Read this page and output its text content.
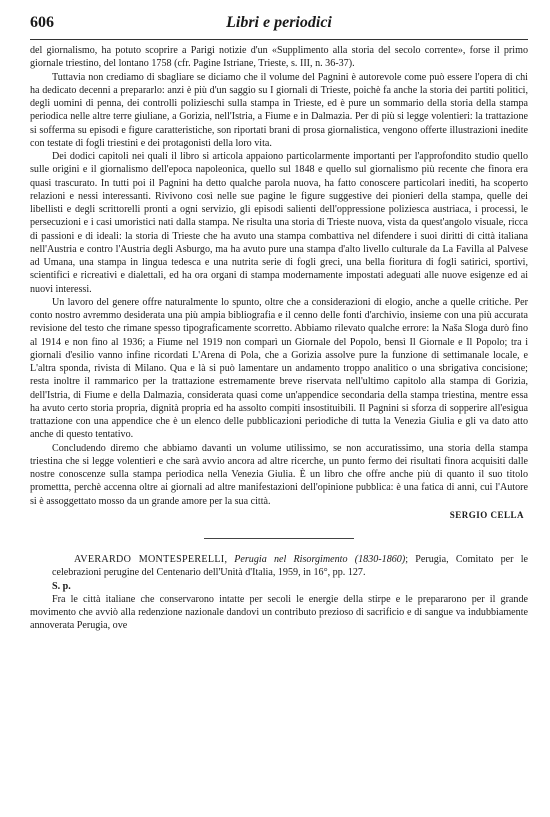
606	Libri e periodici

del giornalismo, ha potuto scoprire a Parigi notizie d'un «Supplimento alla storia del secolo corrente», forse il primo giornale triestino, del lontano 1758 (cfr. Pagine Istriane, Trieste, s. III, n. 36-37).

Tuttavia non crediamo di sbagliare se diciamo che il volume del Pagnini è autorevole come può essere l'opera di chi ha dedicato decenni a prepararlo: anzi è più d'un saggio su I giornali di Trieste, poichè fa anche la storia dei partiti politici, degli uomini di penna, dei controlli polizieschi sulla stampa in Trieste, ed è pure un sommario della storia della stampa periodica nelle altre terre giuliane, a Gorizia, nell'Istria, a Fiume e in Dalmazia. Per di più si legge volentieri: la trattazione si sofferma su episodi e figure caratteristiche, son riportati brani di prosa giornalistica, vengono offerte illustrazioni inedite con testate di fogli triestini e dei protagonisti della loro vita.

Dei dodici capitoli nei quali il libro si articola appaiono particolarmente importanti per l'approfondito studio quello sulle origini e il giornalismo dell'epoca napoleonica, quello sul 1848 e quello sul giornalismo più recente che finora era quasi trascurato. In tutti poi il Pagnini ha detto qualche parola nuova, ha fatto conoscere particolari inediti, ha scoperto relazioni e nessi interessanti. Rivivono così nelle sue pagine le figure suggestive dei pionieri della stampa, quelle dei libellisti e degli scrittorelli pronti a ogni servizio, gli episodi salienti dell'oppressione poliziesca austriaca, i processi, le persecuzioni e i casi umoristici nati dalla stampa. Ne risulta una storia di Trieste nuova, vista da quest'angolo visuale, ricca di passioni e di ideali: la storia di Trieste che ha avuto una stampa combattiva nel difendere i suoi diritti di città italiana nell'Austria e contro l'Austria degli Asburgo, ma ha avuto pure una stampa d'alto livello culturale da La Favilla al Palvese ad Umana, una stampa in lingua tedesca e una nutrita serie di fogli greci, una bella fioritura di fogli satirici, sportivi, scientifici e ricreativi e dialettali, ed ha ora organi di stampa modernamente impostati adeguati alle nuove esigenze ed ai nuovi interessi.

Un lavoro del genere offre naturalmente lo spunto, oltre che a considerazioni di elogio, anche a quelle critiche. Per conto nostro avremmo desiderata una più ampia bibliografia e il cenno delle fonti d'archivio, insieme con una più accurata revisione del testo che rimane spesso tipograficamente scorretto. Abbiamo rilevato qualche errore: la Naša Sloga durò fino al 1914 e non fino al 1936; a Fiume nel 1919 non comparì un Giornale del Popolo, bensì Il Giornale e Il Popolo; tra i giornali d'esilio vanno infine ricordati L'Arena di Pola, che a Gorizia assolve pure la funzione di settimanale locale, e L'altra sponda, rivista di Milano. Qua e là si può lamentare un andamento troppo analitico o una sbrigativa concisione; resta inoltre il rammarico per la trattazione estremamente breve riservata nell'ultimo capitolo alla stampa di Gorizia, dell'Istria, di Fiume e della Dalmazia, considerata quasi come un'appendice secondaria della stampa triestina, mentre essa ha avuto certo storia propria, dignità propria ed ha assolto compiti insostituibili. Il Pagnini si sforza di sopperire all'esigua trattazione con una appendice che è un elenco delle pubblicazioni periodiche di tutta la Venezia Giulia e gli va dato atto anche di questo tentativo.

Concludendo diremo che abbiamo davanti un volume utilissimo, se non accuratissimo, una storia della stampa triestina che si legge volentieri e che sarà avvio ancora ad altre ricerche, un punto fermo dei risultati finora acquisiti dalle nostre conoscenze sulla stampa periodica nella Venezia Giulia. È un libro che offre anche più di quanto il suo titolo promettta, perchè accenna oltre ai giornali ad altre manifestazioni dell'opinione pubblica: è una fatica di anni, cui l'Autore si è assoggettato mosso da un grande amore per la sua città.

SERGIO CELLA

AVERARDO MONTESPERELLI, Perugia nel Risorgimento (1830-1860); Perugia, Comitato per le celebrazioni perugine del Centenario dell'Unità d'Italia, 1959, in 16°, pp. 127.

S. p.

Fra le città italiane che conservarono intatte per secoli le energie della stirpe e le prepararono per il grande movimento che avviò alla redenzione nazionale dandovi un contributo prezioso di sacrificio e di sangue va indubbiamente annoverata Perugia, ove
